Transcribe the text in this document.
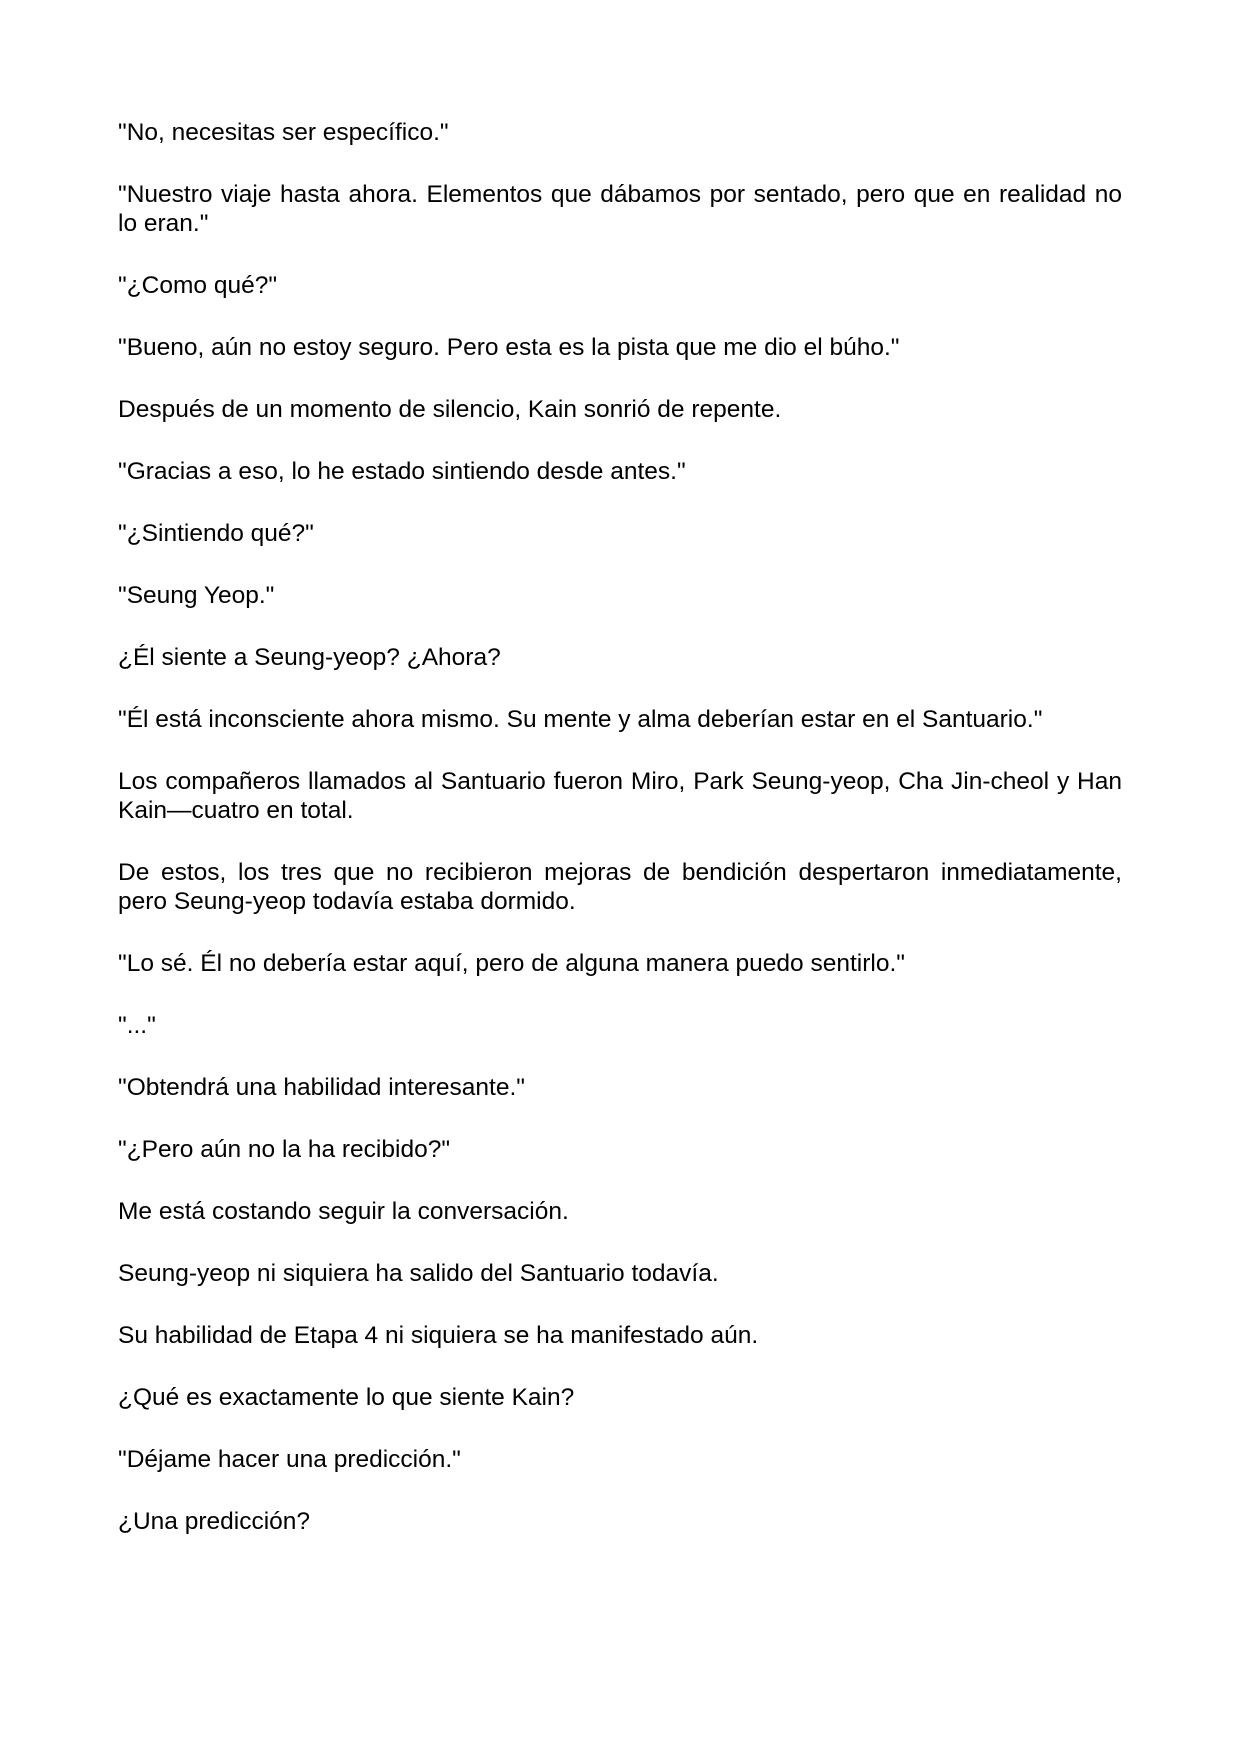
"No, necesitas ser específico."

"Nuestro viaje hasta ahora. Elementos que dábamos por sentado, pero que en realidad no lo eran."

"¿Como qué?"

"Bueno, aún no estoy seguro. Pero esta es la pista que me dio el búho."

Después de un momento de silencio, Kain sonrió de repente.

"Gracias a eso, lo he estado sintiendo desde antes."

"¿Sintiendo qué?"

"Seung Yeop."

¿Él siente a Seung-yeop? ¿Ahora?

"Él está inconsciente ahora mismo. Su mente y alma deberían estar en el Santuario."

Los compañeros llamados al Santuario fueron Miro, Park Seung-yeop, Cha Jin-cheol y Han Kain—cuatro en total.

De estos, los tres que no recibieron mejoras de bendición despertaron inmediatamente, pero Seung-yeop todavía estaba dormido.

"Lo sé. Él no debería estar aquí, pero de alguna manera puedo sentirlo."

"..."

"Obtendrá una habilidad interesante."

"¿Pero aún no la ha recibido?"

Me está costando seguir la conversación.

Seung-yeop ni siquiera ha salido del Santuario todavía.

Su habilidad de Etapa 4 ni siquiera se ha manifestado aún.

¿Qué es exactamente lo que siente Kain?

"Déjame hacer una predicción."

¿Una predicción?
